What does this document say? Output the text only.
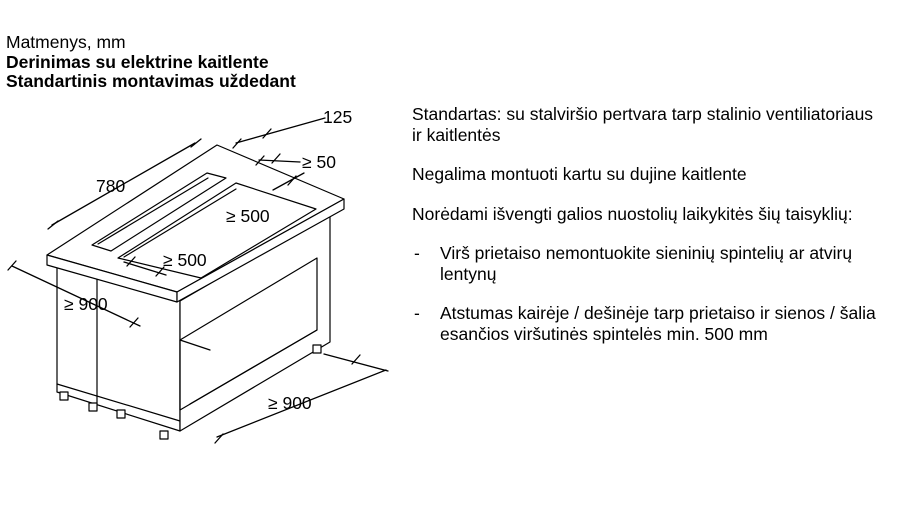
Matmenys, mm
Derinimas su elektrine kaitlente
Standartinis montavimas uždedant
125
≥ 50
780
≥ 500
≥ 500
≥ 900
≥ 900

Standartas: su stalviršio pertvara tarp stalinio ventiliatoriaus ir kaitlentės

Negalima montuoti kartu su dujine kaitlente

Norėdami išvengti galios nuostolių laikykitės šių taisyklių:

- Virš prietaiso nemontuokite sieninių spintelių ar atvirų lentynų
- Atstumas kairėje / dešinėje tarp prietaiso ir sienos / šalia esančios viršutinės spintelės min. 500 mm
